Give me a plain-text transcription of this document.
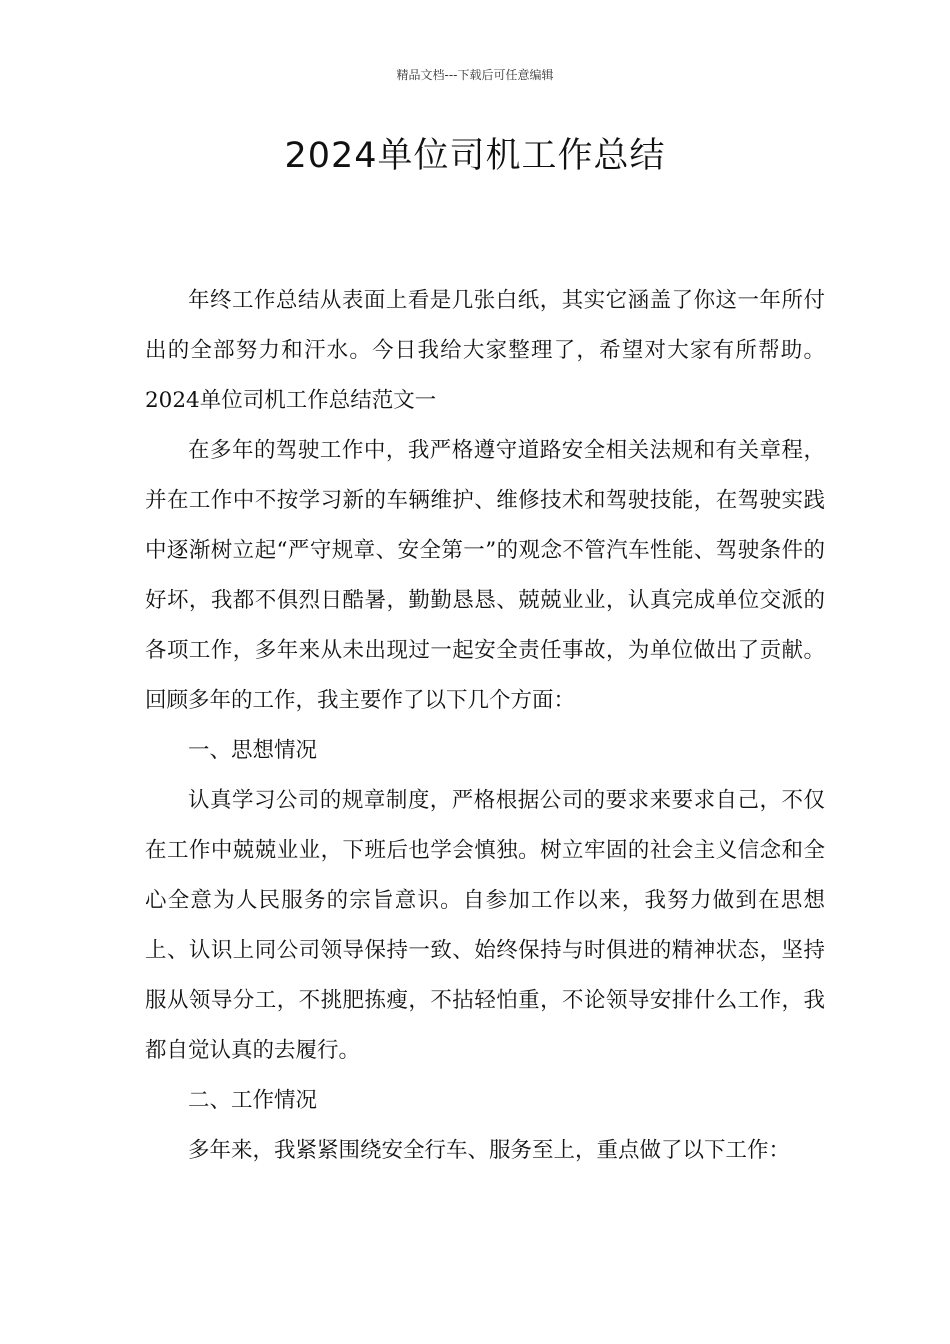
精品文档---下载后可任意编辑
2024单位司机工作总结

年终工作总结从表面上看是几张白纸，其实它涵盖了你这一年所付出的全部努力和汗水。今日我给大家整理了，希望对大家有所帮助。2024单位司机工作总结范文一

在多年的驾驶工作中，我严格遵守道路安全相关法规和有关章程，并在工作中不按学习新的车辆维护、维修技术和驾驶技能，在驾驶实践中逐渐树立起“严守规章、安全第一”的观念不管汽车性能、驾驶条件的好坏，我都不俱烈日酷暑，勤勤恳恳、兢兢业业，认真完成单位交派的各项工作，多年来从未出现过一起安全责任事故，为单位做出了贡献。回顾多年的工作，我主要作了以下几个方面：

一、思想情况

认真学习公司的规章制度，严格根据公司的要求来要求自己，不仅在工作中兢兢业业，下班后也学会慎独。树立牢固的社会主义信念和全心全意为人民服务的宗旨意识。自参加工作以来，我努力做到在思想上、认识上同公司领导保持一致、始终保持与时俱进的精神状态，坚持服从领导分工，不挑肥拣瘦，不拈轻怕重，不论领导安排什么工作，我都自觉认真的去履行。

二、工作情况

多年来，我紧紧围绕安全行车、服务至上，重点做了以下工作：
